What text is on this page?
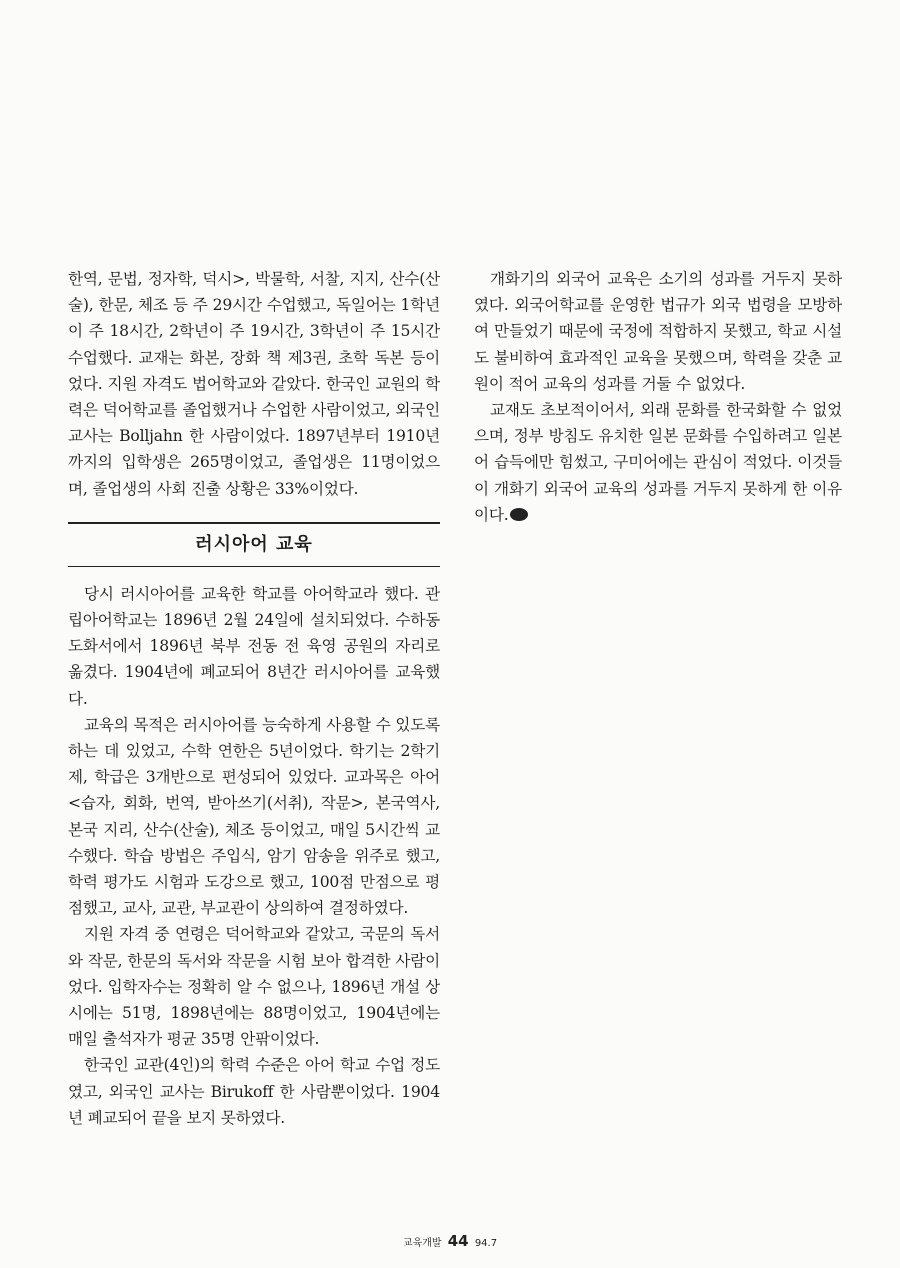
한역, 문법, 정자학, 덕시>, 박물학, 서찰, 지지, 산수(산술), 한문, 체조 등 주 29시간 수업했고, 독일어는 1학년이 주 18시간, 2학년이 주 19시간, 3학년이 주 15시간 수업했다. 교재는 화본, 장화 책 제3권, 초학 독본 등이었다. 지원 자격도 법어학교와 같았다. 한국인 교원의 학력은 덕어학교를 졸업했거나 수업한 사람이었고, 외국인 교사는 Bolljahn 한 사람이었다. 1897년부터 1910년까지의 입학생은 265명이었고, 졸업생은 11명이었으며, 졸업생의 사회 진출 상황은 33%이었다.

러시아어 교육

당시 러시아어를 교육한 학교를 아어학교라 했다. 관립아어학교는 1896년 2월 24일에 설치되었다. 수하동 도화서에서 1896년 북부 전동 전 육영 공원의 자리로 옮겼다. 1904년에 폐교되어 8년간 러시아어를 교육했다.

교육의 목적은 러시아어를 능숙하게 사용할 수 있도록 하는 데 있었고, 수학 연한은 5년이었다. 학기는 2학기제, 학급은 3개반으로 편성되어 있었다. 교과목은 아어<습자, 회화, 번역, 받아쓰기(서취), 작문>, 본국역사, 본국 지리, 산수(산술), 체조 등이었고, 매일 5시간씩 교수했다. 학습 방법은 주입식, 암기 암송을 위주로 했고, 학력 평가도 시험과 도강으로 했고, 100점 만점으로 평점했고, 교사, 교관, 부교관이 상의하여 결정하였다.

지원 자격 중 연령은 덕어학교와 같았고, 국문의 독서와 작문, 한문의 독서와 작문을 시험 보아 합격한 사람이었다. 입학자수는 정확히 알 수 없으나, 1896년 개설 상시에는 51명, 1898년에는 88명이었고, 1904년에는 매일 출석자가 평균 35명 안팎이었다.

한국인 교관(4인)의 학력 수준은 아어 학교 수업 정도였고, 외국인 교사는 Birukoff 한 사람뿐이었다. 1904년 폐교되어 끝을 보지 못하였다.

개화기의 외국어 교육은 소기의 성과를 거두지 못하였다. 외국어학교를 운영한 법규가 외국 법령을 모방하여 만들었기 때문에 국정에 적합하지 못했고, 학교 시설도 불비하여 효과적인 교육을 못했으며, 학력을 갖춘 교원이 적어 교육의 성과를 거둘 수 없었다.

교재도 초보적이어서, 외래 문화를 한국화할 수 없었으며, 정부 방침도 유치한 일본 문화를 수입하려고 일본어 습득에만 힘썼고, 구미어에는 관심이 적었다. 이것들이 개화기 외국어 교육의 성과를 거두지 못하게 한 이유이다.

교육개발 44 94.7
